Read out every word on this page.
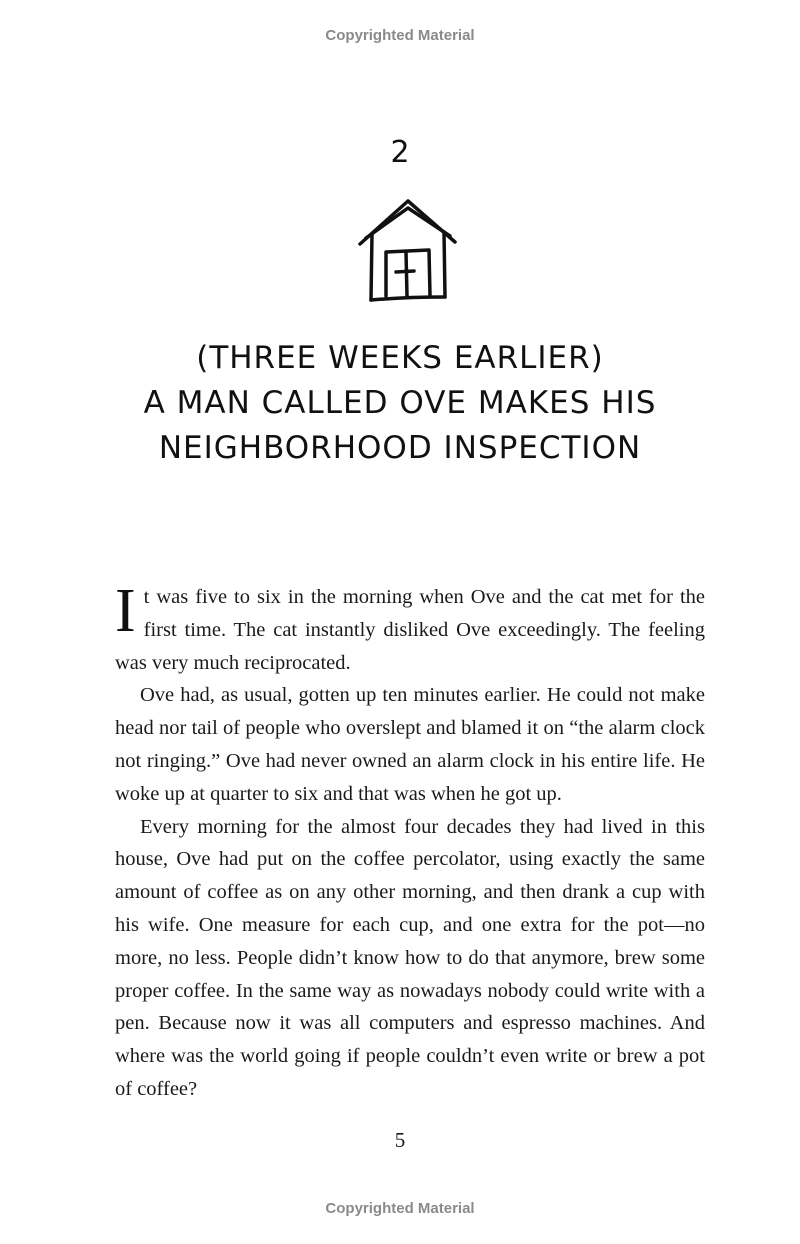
Copyrighted Material
2
(THREE WEEKS EARLIER)
A MAN CALLED OVE MAKES HIS
NEIGHBORHOOD INSPECTION

It was five to six in the morning when Ove and the cat met for the first time. The cat instantly disliked Ove exceedingly. The feeling was very much reciprocated.

Ove had, as usual, gotten up ten minutes earlier. He could not make head nor tail of people who overslept and blamed it on “the alarm clock not ringing.” Ove had never owned an alarm clock in his entire life. He woke up at quarter to six and that was when he got up.

Every morning for the almost four decades they had lived in this house, Ove had put on the coffee percolator, using exactly the same amount of coffee as on any other morning, and then drank a cup with his wife. One measure for each cup, and one extra for the pot—no more, no less. People didn’t know how to do that anymore, brew some proper coffee. In the same way as nowadays nobody could write with a pen. Because now it was all computers and espresso machines. And where was the world going if people couldn’t even write or brew a pot of coffee?

5
Copyrighted Material
